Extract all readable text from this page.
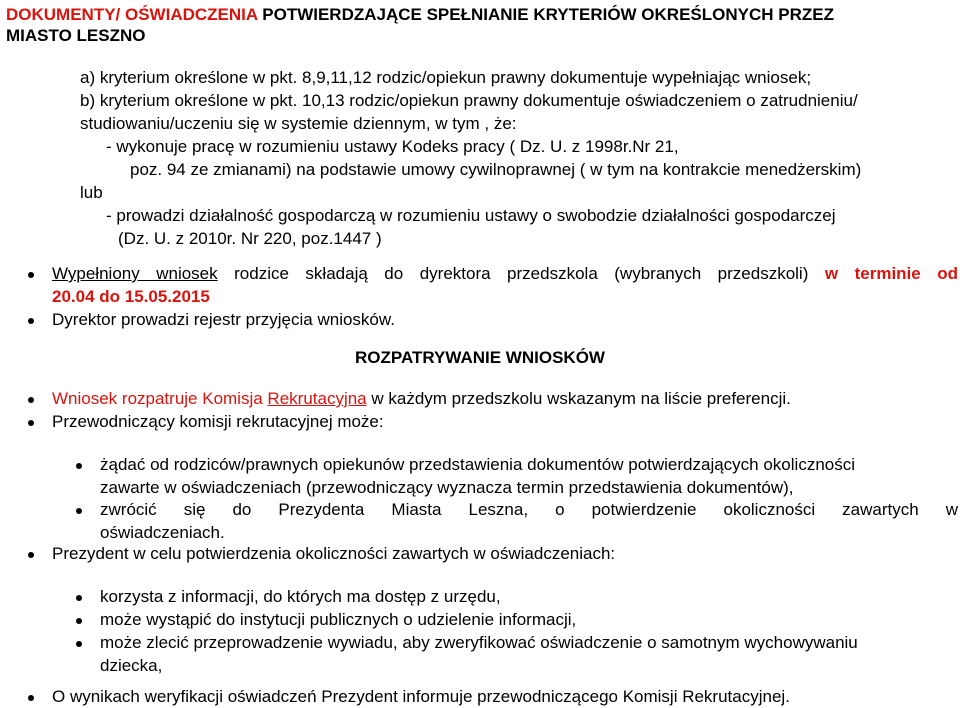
DOKUMENTY/ OŚWIADCZENIA POTWIERDZAJĄCE SPEŁNIANIE KRYTERIÓW OKREŚLONYCH PRZEZ
MIASTO LESZNO
a) kryterium określone w pkt. 8,9,11,12 rodzic/opiekun prawny dokumentuje wypełniając wniosek;
b) kryterium określone w pkt. 10,13 rodzic/opiekun prawny dokumentuje oświadczeniem o zatrudnieniu/
studiowaniu/uczeniu się w systemie dziennym, w tym , że:
- wykonuje pracę w rozumieniu ustawy Kodeks pracy ( Dz. U. z 1998r.Nr 21,
poz. 94 ze zmianami) na podstawie umowy cywilnoprawnej ( w tym na kontrakcie menedżerskim)
lub
- prowadzi działalność gospodarczą w rozumieniu ustawy o swobodzie działalności gospodarczej
(Dz. U. z 2010r. Nr 220, poz.1447 )
Wypełniony wniosek rodzice składają do dyrektora przedszkola (wybranych przedszkoli) w terminie od
20.04 do 15.05.2015
Dyrektor prowadzi rejestr przyjęcia wniosków.
ROZPATRYWANIE WNIOSKÓW
Wniosek rozpatruje Komisja Rekrutacyjna w każdym przedszkolu wskazanym na liście preferencji.
Przewodniczący komisji rekrutacyjnej może:
żądać od rodziców/prawnych opiekunów przedstawienia dokumentów potwierdzających okoliczności
zawarte w oświadczeniach (przewodniczący wyznacza termin przedstawienia dokumentów),
zwrócić się do Prezydenta Miasta Leszna, o potwierdzenie okoliczności zawartych w
oświadczeniach.
Prezydent w celu potwierdzenia okoliczności zawartych w oświadczeniach:
korzysta z informacji, do których ma dostęp z urzędu,
może wystąpić do instytucji publicznych o udzielenie informacji,
może zlecić przeprowadzenie wywiadu, aby zweryfikować oświadczenie o samotnym wychowywaniu
dziecka,
O wynikach weryfikacji oświadczeń Prezydent informuje przewodniczącego Komisji Rekrutacyjnej.
